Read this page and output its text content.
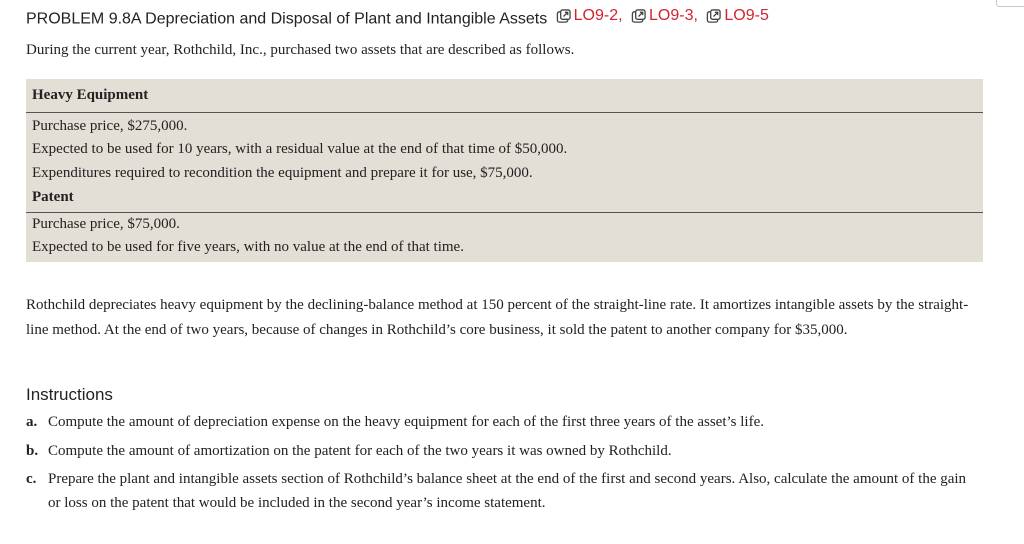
PROBLEM 9.8A Depreciation and Disposal of Plant and Intangible Assets LO9-2,
LO9-3,
LO9-5
During the current year, Rothchild, Inc., purchased two assets that are described as follows.
Heavy Equipment
Purchase price, $275,000.
Expected to be used for 10 years, with a residual value at the end of that time of $50,000.
Expenditures required to recondition the equipment and prepare it for use, $75,000.
Patent
Purchase price, $75,000.
Expected to be used for five years, with no value at the end of that time.
Rothchild depreciates heavy equipment by the declining-balance method at 150 percent of the straight-line rate. It amortizes intangible assets by the straight-line method. At the end of two years, because of changes in Rothchild’s core business, it sold the patent to another company for $35,000.
Instructions
a. Compute the amount of depreciation expense on the heavy equipment for each of the first three years of the asset’s life.
b. Compute the amount of amortization on the patent for each of the two years it was owned by Rothchild.
c. Prepare the plant and intangible assets section of Rothchild’s balance sheet at the end of the first and second years. Also, calculate the amount of the gain or loss on the patent that would be included in the second year’s income statement.
